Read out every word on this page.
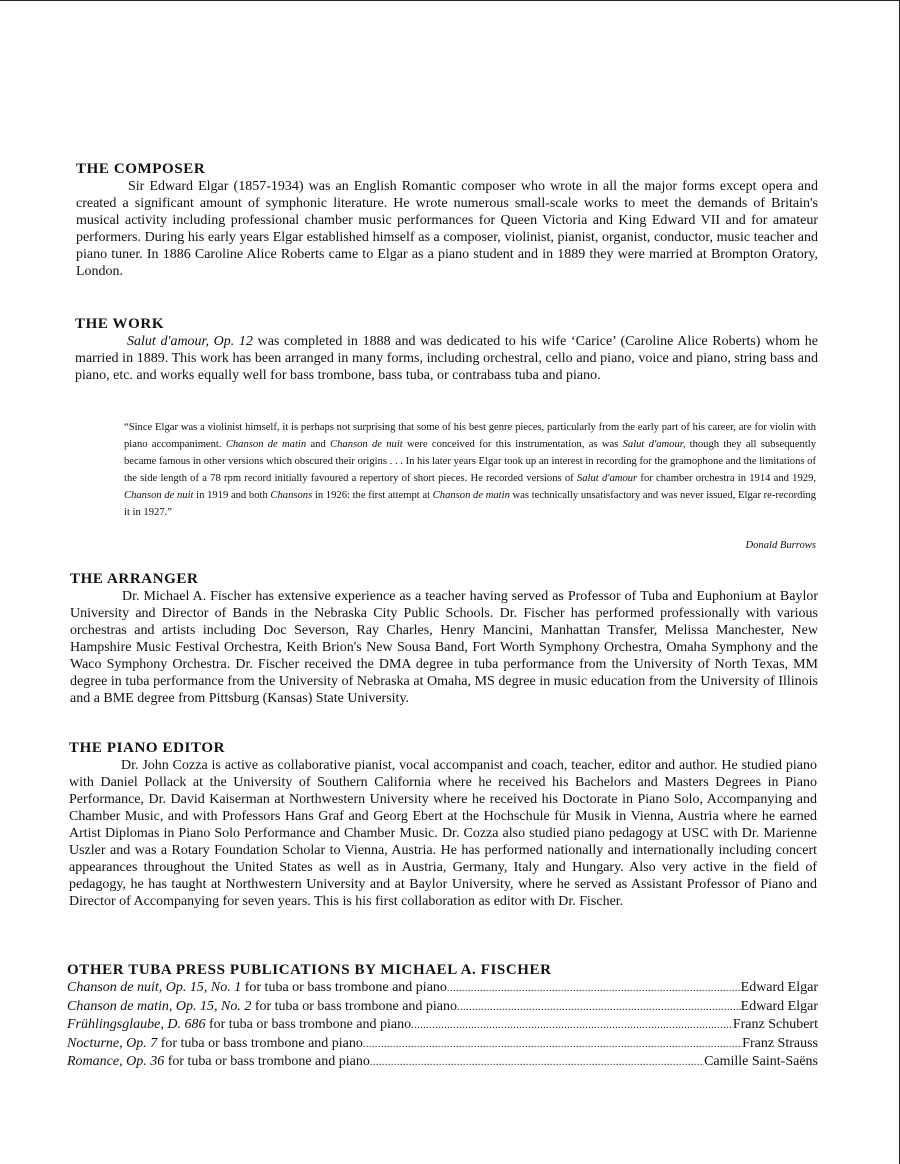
THE COMPOSER
Sir Edward Elgar (1857-1934) was an English Romantic composer who wrote in all the major forms except opera and created a significant amount of symphonic literature. He wrote numerous small-scale works to meet the demands of Britain's musical activity including professional chamber music performances for Queen Victoria and King Edward VII and for amateur performers. During his early years Elgar established himself as a composer, violinist, pianist, organist, conductor, music teacher and piano tuner. In 1886 Caroline Alice Roberts came to Elgar as a piano student and in 1889 they were married at Brompton Oratory, London.
THE WORK
Salut d'amour, Op. 12 was completed in 1888 and was dedicated to his wife ‘Carice’ (Caroline Alice Roberts) whom he married in 1889. This work has been arranged in many forms, including orchestral, cello and piano, voice and piano, string bass and piano, etc. and works equally well for bass trombone, bass tuba, or contrabass tuba and piano.
“Since Elgar was a violinist himself, it is perhaps not surprising that some of his best genre pieces, particularly from the early part of his career, are for violin with piano accompaniment. Chanson de matin and Chanson de nuit were conceived for this instrumentation, as was Salut d'amour, though they all subsequently became famous in other versions which obscured their origins . . . In his later years Elgar took up an interest in recording for the gramophone and the limitations of the side length of a 78 rpm record initially favoured a repertory of short pieces. He recorded versions of Salut d'amour for chamber orchestra in 1914 and 1929, Chanson de nuit in 1919 and both Chansons in 1926: the first attempt at Chanson de matin was technically unsatisfactory and was never issued, Elgar re-recording it in 1927.”
Donald Burrows
THE ARRANGER
Dr. Michael A. Fischer has extensive experience as a teacher having served as Professor of Tuba and Euphonium at Baylor University and Director of Bands in the Nebraska City Public Schools. Dr. Fischer has performed professionally with various orchestras and artists including Doc Severson, Ray Charles, Henry Mancini, Manhattan Transfer, Melissa Manchester, New Hampshire Music Festival Orchestra, Keith Brion's New Sousa Band, Fort Worth Symphony Orchestra, Omaha Symphony and the Waco Symphony Orchestra. Dr. Fischer received the DMA degree in tuba performance from the University of North Texas, MM degree in tuba performance from the University of Nebraska at Omaha, MS degree in music education from the University of Illinois and a BME degree from Pittsburg (Kansas) State University.
THE PIANO EDITOR
Dr. John Cozza is active as collaborative pianist, vocal accompanist and coach, teacher, editor and author. He studied piano with Daniel Pollack at the University of Southern California where he received his Bachelors and Masters Degrees in Piano Performance, Dr. David Kaiserman at Northwestern University where he received his Doctorate in Piano Solo, Accompanying and Chamber Music, and with Professors Hans Graf and Georg Ebert at the Hochschule für Musik in Vienna, Austria where he earned Artist Diplomas in Piano Solo Performance and Chamber Music. Dr. Cozza also studied piano pedagogy at USC with Dr. Marienne Uszler and was a Rotary Foundation Scholar to Vienna, Austria. He has performed nationally and internationally including concert appearances throughout the United States as well as in Austria, Germany, Italy and Hungary. Also very active in the field of pedagogy, he has taught at Northwestern University and at Baylor University, where he served as Assistant Professor of Piano and Director of Accompanying for seven years. This is his first collaboration as editor with Dr. Fischer.
OTHER TUBA PRESS PUBLICATIONS BY MICHAEL A. FISCHER
Chanson de nuit, Op. 15, No. 1 for tuba or bass trombone and piano .....	Edward Elgar
Chanson de matin, Op. 15, No. 2 for tuba or bass trombone and piano .....	Edward Elgar
Frühlingsglaube, D. 686 for tuba or bass trombone and piano .....	Franz Schubert
Nocturne, Op. 7 for tuba or bass trombone and piano .....	Franz Strauss
Romance, Op. 36 for tuba or bass trombone and piano .....	Camille Saint-Saëns
